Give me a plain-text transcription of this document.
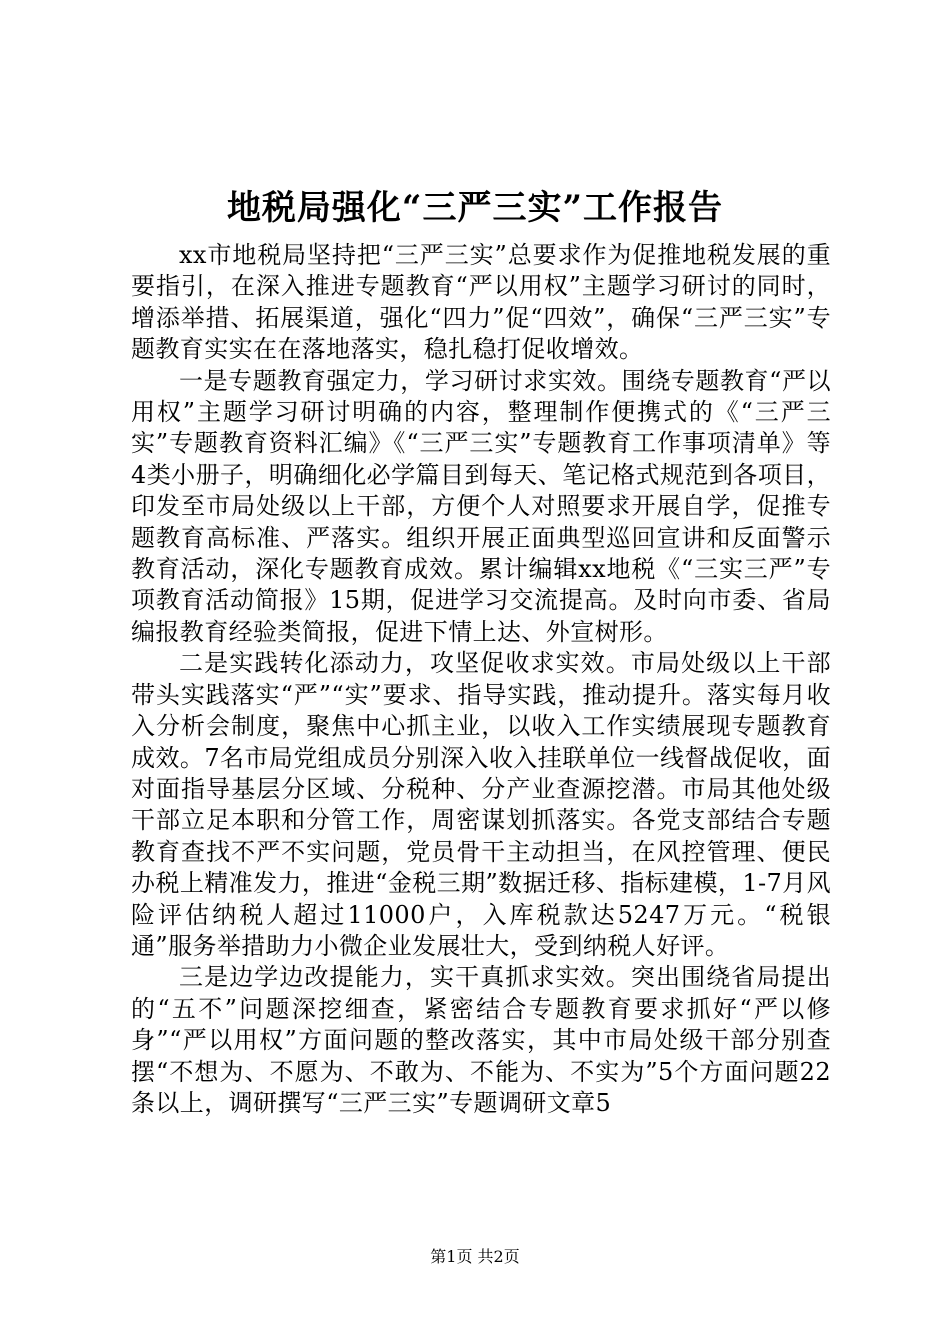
地税局强化“三严三实”工作报告

xx市地税局坚持把“三严三实”总要求作为促推地税发展的重要指引，在深入推进专题教育“严以用权”主题学习研讨的同时，增添举措、拓展渠道，强化“四力”促“四效”，确保“三严三实”专题教育实实在在落地落实，稳扎稳打促收增效。

一是专题教育强定力，学习研讨求实效。围绕专题教育“严以用权”主题学习研讨明确的内容，整理制作便携式的《“三严三实”专题教育资料汇编》《“三严三实”专题教育工作事项清单》等4类小册子，明确细化必学篇目到每天、笔记格式规范到各项目，印发至市局处级以上干部，方便个人对照要求开展自学，促推专题教育高标准、严落实。组织开展正面典型巡回宣讲和反面警示教育活动，深化专题教育成效。累计编辑xx地税《“三实三严”专项教育活动简报》15期，促进学习交流提高。及时向市委、省局编报教育经验类简报，促进下情上达、外宣树形。

二是实践转化添动力，攻坚促收求实效。市局处级以上干部带头实践落实“严”“实”要求、指导实践，推动提升。落实每月收入分析会制度，聚焦中心抓主业，以收入工作实绩展现专题教育成效。7名市局党组成员分别深入收入挂联单位一线督战促收，面对面指导基层分区域、分税种、分产业查源挖潜。市局其他处级干部立足本职和分管工作，周密谋划抓落实。各党支部结合专题教育查找不严不实问题，党员骨干主动担当，在风控管理、便民办税上精准发力，推进“金税三期”数据迁移、指标建模，1-7月风险评估纳税人超过11000户，入库税款达5247万元。“税银通”服务举措助力小微企业发展壮大，受到纳税人好评。

三是边学边改提能力，实干真抓求实效。突出围绕省局提出的“五不”问题深挖细查，紧密结合专题教育要求抓好“严以修身”“严以用权”方面问题的整改落实，其中市局处级干部分别查摆“不想为、不愿为、不敢为、不能为、不实为”5个方面问题22条以上，调研撰写“三严三实”专题调研文章5

第1页 共2页
